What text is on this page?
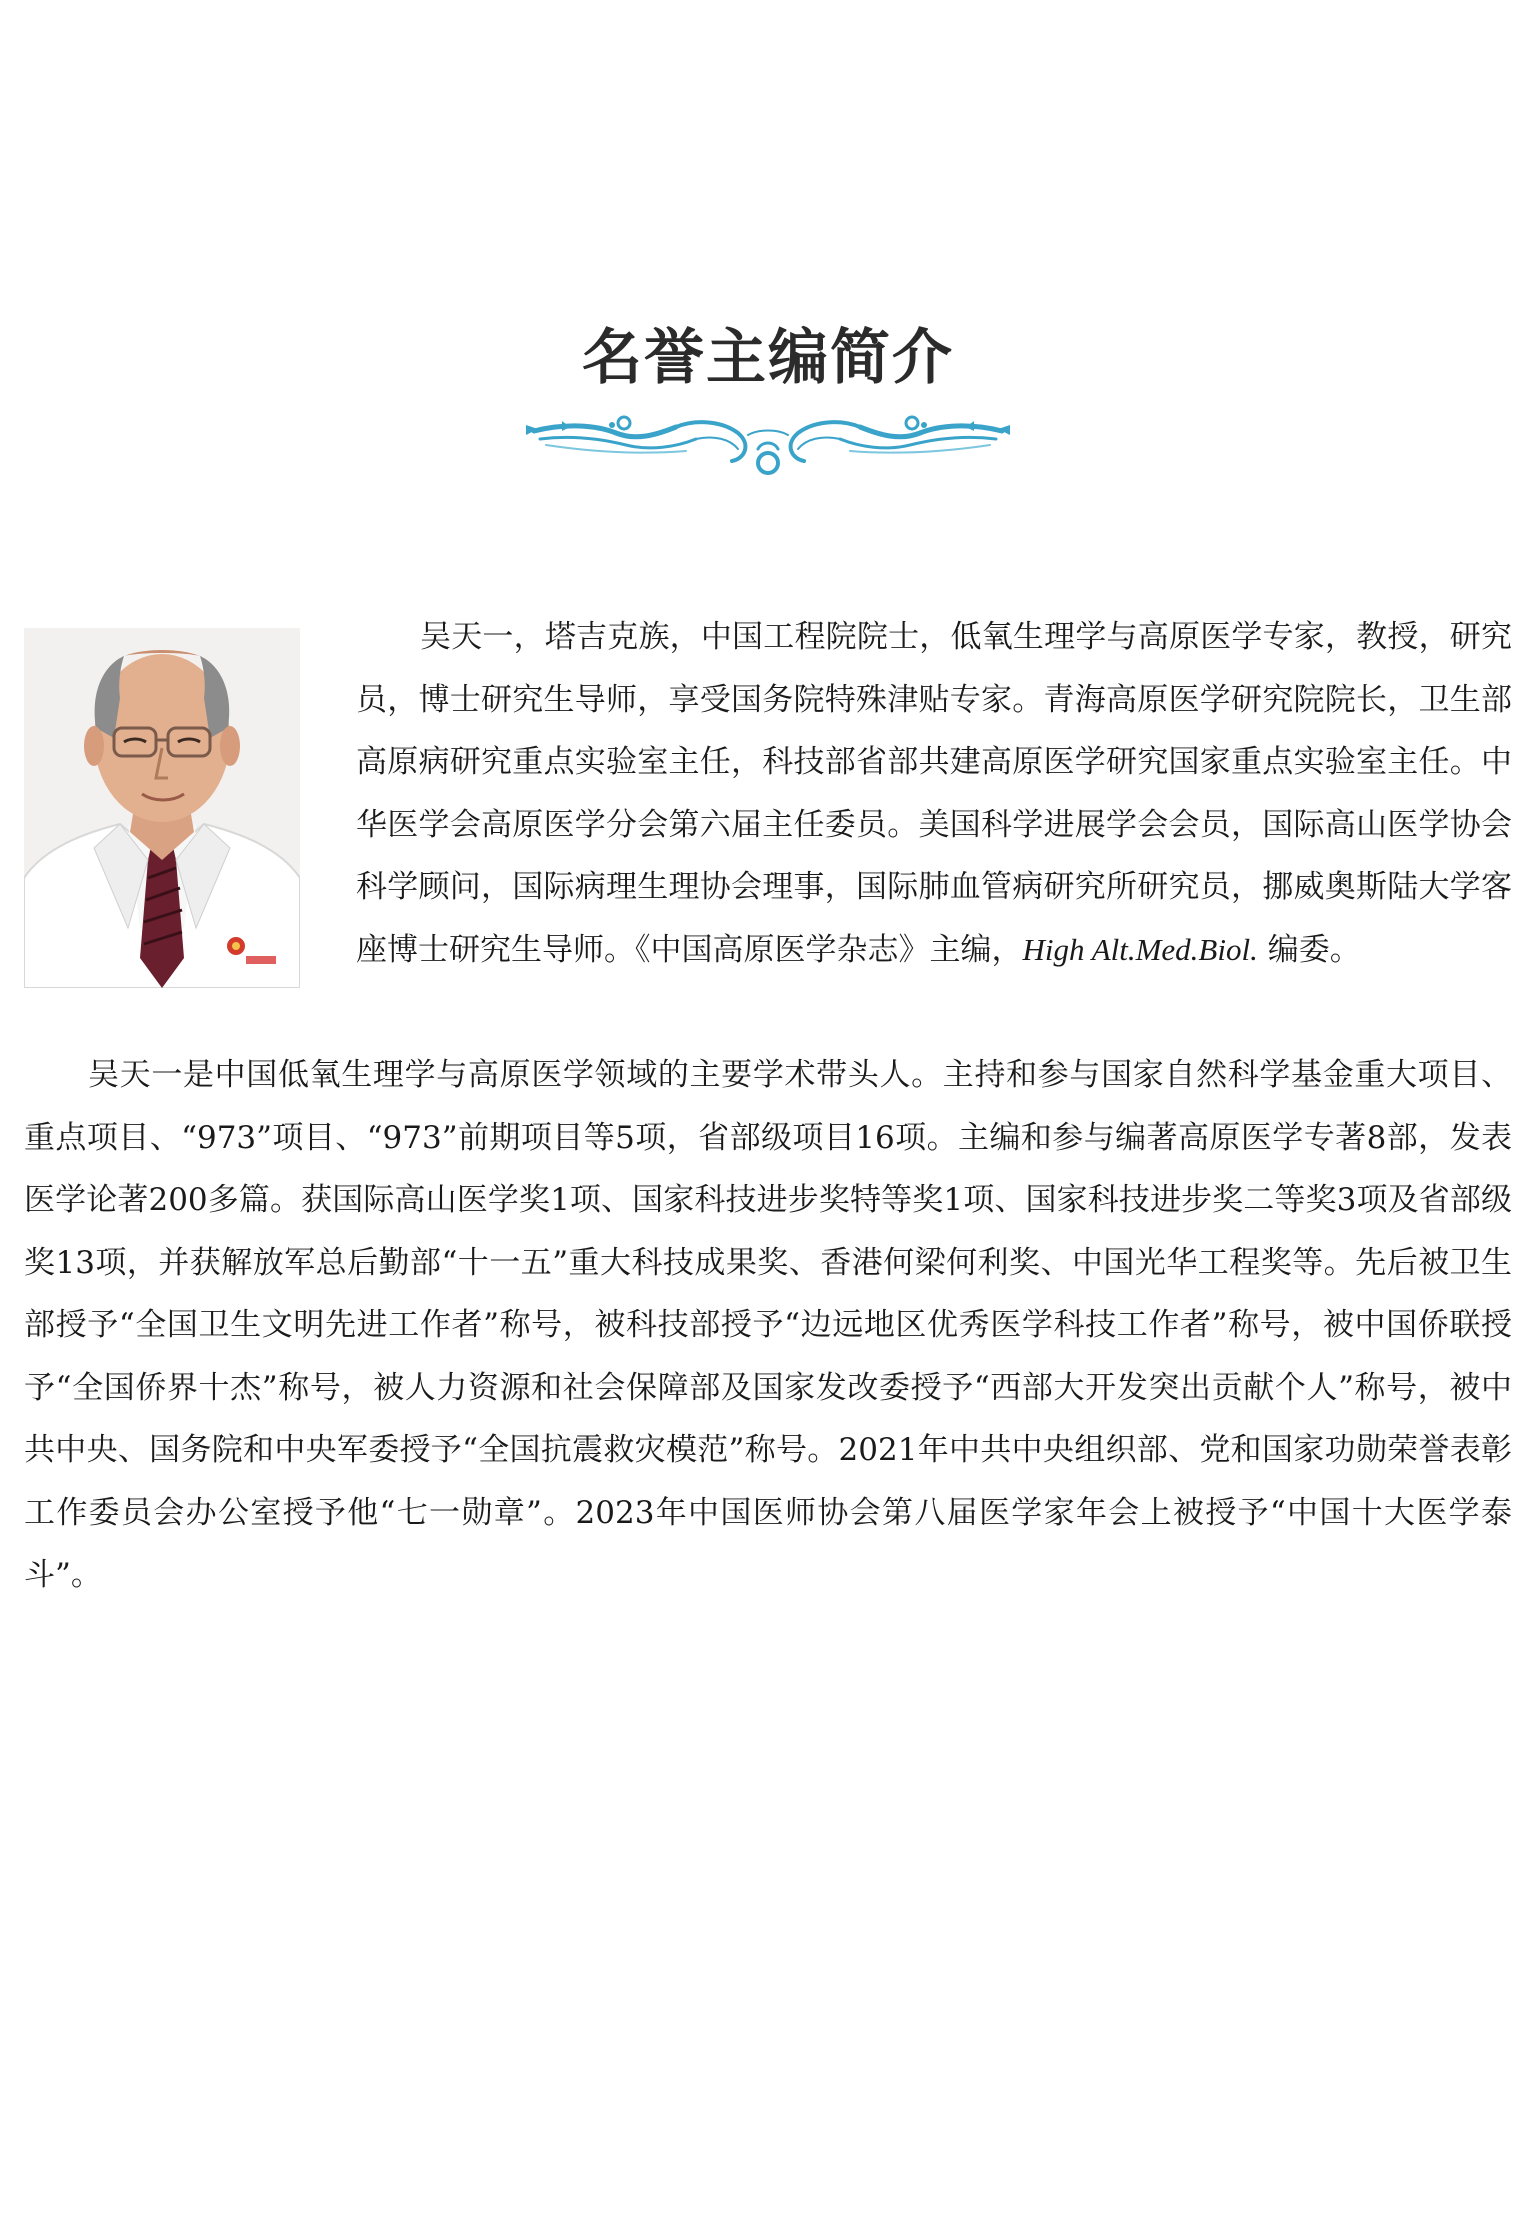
名誉主编简介

吴天一，塔吉克族，中国工程院院士，低氧生理学与高原医学专家，教授，研究员，博士研究生导师，享受国务院特殊津贴专家。青海高原医学研究院院长，卫生部高原病研究重点实验室主任，科技部省部共建高原医学研究国家重点实验室主任。中华医学会高原医学分会第六届主任委员。美国科学进展学会会员，国际高山医学协会科学顾问，国际病理生理协会理事，国际肺血管病研究所研究员，挪威奥斯陆大学客座博士研究生导师。《中国高原医学杂志》主编，High Alt.Med.Biol. 编委。

吴天一是中国低氧生理学与高原医学领域的主要学术带头人。主持和参与国家自然科学基金重大项目、重点项目、“973”项目、“973”前期项目等5项，省部级项目16项。主编和参与编著高原医学专著8部，发表医学论著200多篇。获国际高山医学奖1项、国家科技进步奖特等奖1项、国家科技进步奖二等奖3项及省部级奖13项，并获解放军总后勤部“十一五”重大科技成果奖、香港何梁何利奖、中国光华工程奖等。先后被卫生部授予“全国卫生文明先进工作者”称号，被科技部授予“边远地区优秀医学科技工作者”称号，被中国侨联授予“全国侨界十杰”称号，被人力资源和社会保障部及国家发改委授予“西部大开发突出贡献个人”称号，被中共中央、国务院和中央军委授予“全国抗震救灾模范”称号。2021年中共中央组织部、党和国家功勋荣誉表彰工作委员会办公室授予他“七一勋章”。2023年中国医师协会第八届医学家年会上被授予“中国十大医学泰斗”。
